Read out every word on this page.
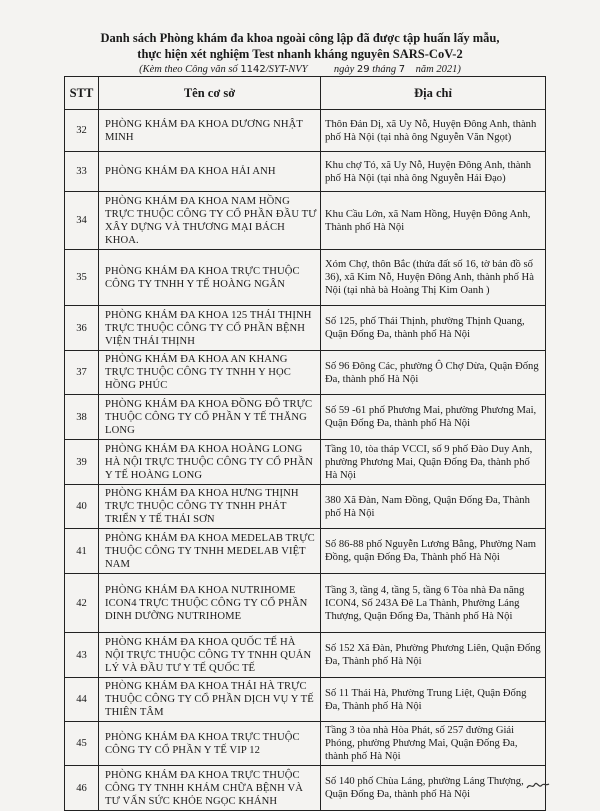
Danh sách Phòng khám đa khoa ngoài công lập đã được tập huấn lấy mẫu,
thực hiện xét nghiệm Test nhanh kháng nguyên SARS-CoV-2
(Kèm theo Công văn số 1142/SYT-NVY	ngày 29 tháng 7 năm 2021)
STT	Tên cơ sở	Địa chỉ
32	PHÒNG KHÁM ĐA KHOA DƯƠNG NHẬT MINH	Thôn Đản Dị, xã Uy Nỗ, Huyện Đông Anh, thành phố Hà Nội (tại nhà ông Nguyễn Văn Ngọt)
33	PHÒNG KHÁM ĐA KHOA HẢI ANH	Khu chợ Tó, xã Uy Nỗ, Huyện Đông Anh, thành phố Hà Nội (tại nhà ông Nguyễn Hải Đạo)
34	PHÒNG KHÁM ĐA KHOA NAM HỒNG TRỰC THUỘC CÔNG TY CỔ PHẦN ĐẦU TƯ XÂY DỰNG VÀ THƯƠNG MẠI BÁCH KHOA.	Khu Cầu Lớn, xã Nam Hồng, Huyện Đông Anh, Thành phố Hà Nội
35	PHÒNG KHÁM ĐA KHOA TRỰC THUỘC CÔNG TY TNHH Y TẾ HOÀNG NGÂN	Xóm Chợ, thôn Bắc (thửa đất số 16, tờ bản đồ số 36), xã Kim Nỗ, Huyện Đông Anh, thành phố Hà Nội (tại nhà bà Hoàng Thị Kim Oanh )
36	PHÒNG KHÁM ĐA KHOA 125 THÁI THỊNH TRỰC THUỘC CÔNG TY CỔ PHẦN BỆNH VIỆN THÁI THỊNH	Số 125, phố Thái Thịnh, phường Thịnh Quang, Quận Đống Đa, thành phố Hà Nội
37	PHÒNG KHÁM ĐA KHOA AN KHANG TRỰC THUỘC CÔNG TY TNHH Y HỌC HỒNG PHÚC	Số 96 Đông Các, phường Ô Chợ Dừa, Quận Đống Đa, thành phố Hà Nội
38	PHÒNG KHÁM ĐA KHOA ĐỒNG ĐÔ TRỰC THUỘC CÔNG TY CỔ PHẦN Y TẾ THĂNG LONG	Số 59 -61 phố Phương Mai, phường Phương Mai, Quận Đống Đa, thành phố Hà Nội
39	PHÒNG KHÁM ĐA KHOA HOÀNG LONG HÀ NỘI TRỰC THUỘC CÔNG TY CỔ PHẦN Y TẾ HOÀNG LONG	Tầng 10, tòa tháp VCCI, số 9 phố Đào Duy Anh, phường Phương Mai, Quận Đống Đa, thành phố Hà Nội
40	PHÒNG KHÁM ĐA KHOA HƯNG THỊNH TRỰC THUỘC CÔNG TY TNHH PHÁT TRIỂN Y TẾ THÁI SƠN	380 Xã Đàn, Nam Đồng, Quận Đống Đa, Thành phố Hà Nội
41	PHÒNG KHÁM ĐA KHOA MEDELAB TRỰC THUỘC CÔNG TY TNHH MEDELAB VIỆT NAM	Số 86-88 phố Nguyễn Lương Bằng, Phường Nam Đồng, quận Đống Đa, Thành phố Hà Nội
42	PHÒNG KHÁM ĐA KHOA NUTRIHOME ICON4 TRỰC THUỘC CÔNG TY CỔ PHẦN DINH DƯỠNG NUTRIHOME	Tầng 3, tầng 4, tầng 5, tầng 6 Tòa nhà Đa năng ICON4, Số 243A Đê La Thành, Phường Láng Thượng, Quận Đống Đa, Thành phố Hà Nội
43	PHÒNG KHÁM ĐA KHOA QUỐC TẾ HÀ NỘI TRỰC THUỘC CÔNG TY TNHH QUẢN LÝ VÀ ĐẦU TƯ Y TẾ QUỐC TẾ	Số 152 Xã Đàn, Phường Phương Liên, Quận Đống Đa, Thành phố Hà Nội
44	PHÒNG KHÁM ĐA KHOA THÁI HÀ TRỰC THUỘC CÔNG TY CỔ PHẦN DỊCH VỤ Y TẾ THIÊN TÂM	Số 11 Thái Hà, Phường Trung Liệt, Quận Đống Đa, Thành phố Hà Nội
45	PHÒNG KHÁM ĐA KHOA TRỰC THUỘC CÔNG TY CỔ PHẦN Y TẾ VIP 12	Tầng 3 tòa nhà Hòa Phát, số 257 đường Giải Phóng, phường Phương Mai, Quận Đống Đa, thành phố Hà Nội
46	PHÒNG KHÁM ĐA KHOA TRỰC THUỘC CÔNG TY TNHH KHÁM CHỮA BỆNH VÀ TƯ VẤN SỨC KHỎE NGỌC KHÁNH	Số 140 phố Chùa Láng, phường Láng Thượng, Quận Đống Đa, thành phố Hà Nội
